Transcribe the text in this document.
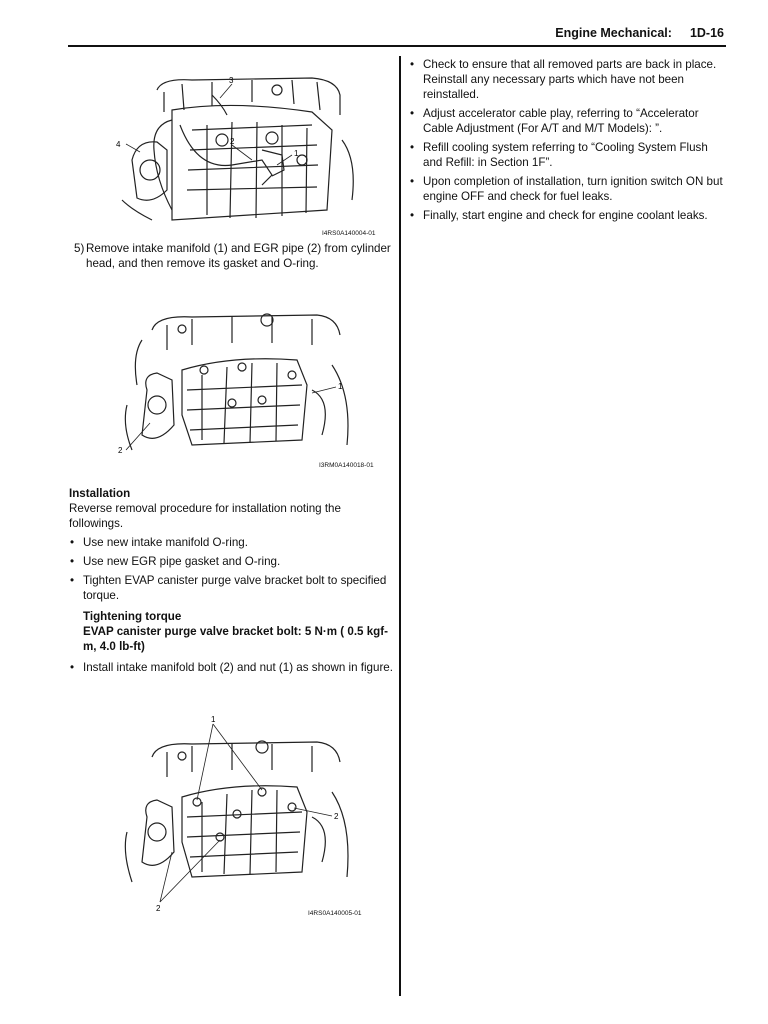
Engine Mechanical: 1D-16
3
2
1
4
I4RS0A140004-01
5) Remove intake manifold (1) and EGR pipe (2) from cylinder head, and then remove its gasket and O-ring.
1
2
I3RM0A140018-01
Installation
Reverse removal procedure for installation noting the followings.
• Use new intake manifold O-ring.
• Use new EGR pipe gasket and O-ring.
• Tighten EVAP canister purge valve bracket bolt to specified torque.
Tightening torque
EVAP canister purge valve bracket bolt: 5 N·m ( 0.5 kgf-m, 4.0 lb-ft)
• Install intake manifold bolt (2) and nut (1) as shown in figure.
1
2
2
I4RS0A140005-01
• Check to ensure that all removed parts are back in place.
Reinstall any necessary parts which have not been reinstalled.
• Adjust accelerator cable play, referring to “Accelerator Cable Adjustment (For A/T and M/T Models): ”.
• Refill cooling system referring to “Cooling System Flush and Refill: in Section 1F”.
• Upon completion of installation, turn ignition switch ON but engine OFF and check for fuel leaks.
• Finally, start engine and check for engine coolant leaks.
